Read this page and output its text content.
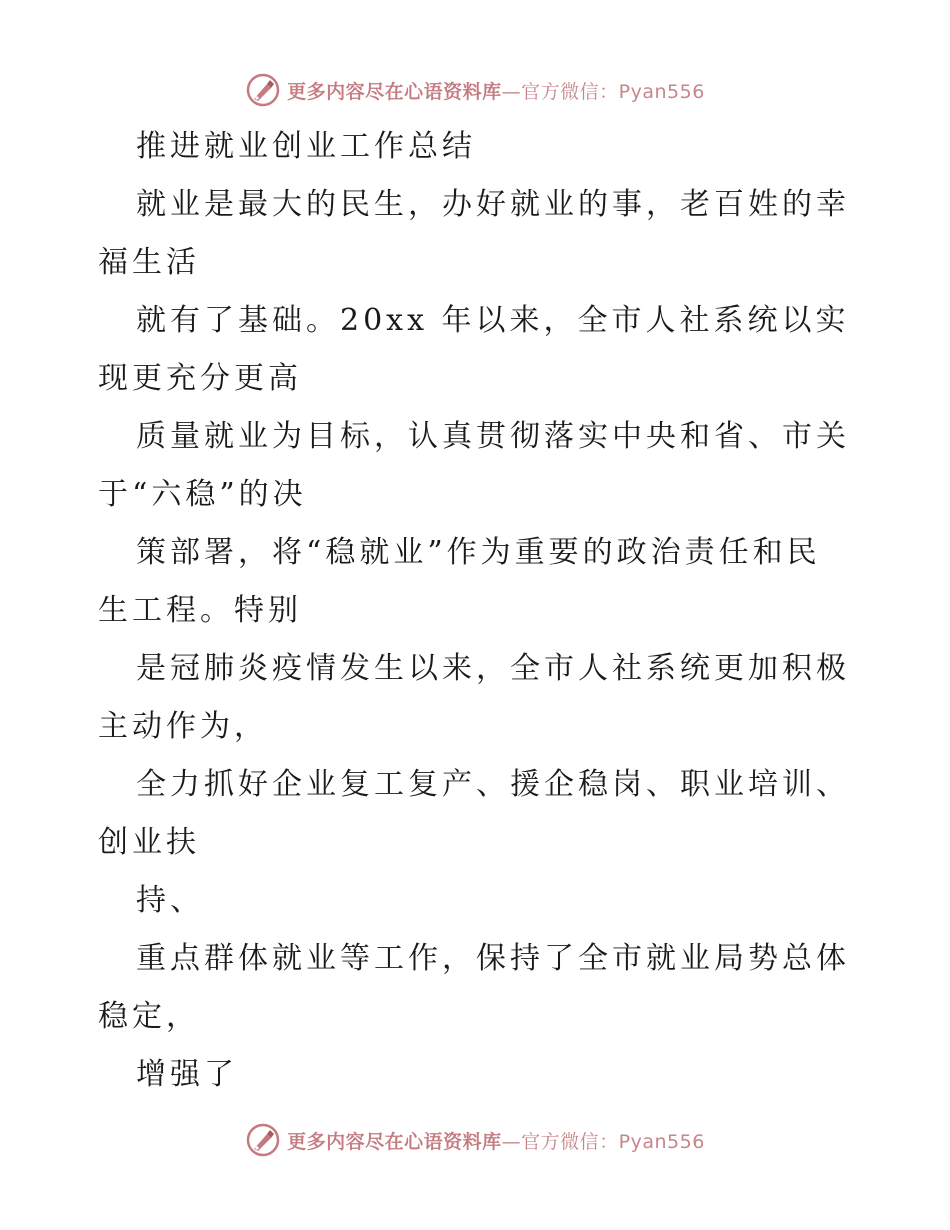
更多内容尽在心语资料库—官方微信：Pyan556
推进就业创业工作总结
就业是最大的民生，办好就业的事，老百姓的幸
福生活
就有了基础。20xx 年以来，全市人社系统以实
现更充分更高
质量就业为目标，认真贯彻落实中央和省、市关
于“六稳”的决
策部署，将“稳就业”作为重要的政治责任和民
生工程。特别
是冠肺炎疫情发生以来，全市人社系统更加积极
主动作为，
全力抓好企业复工复产、援企稳岗、职业培训、
创业扶
持、
重点群体就业等工作，保持了全市就业局势总体
稳定，
增强了
更多内容尽在心语资料库—官方微信：Pyan556
